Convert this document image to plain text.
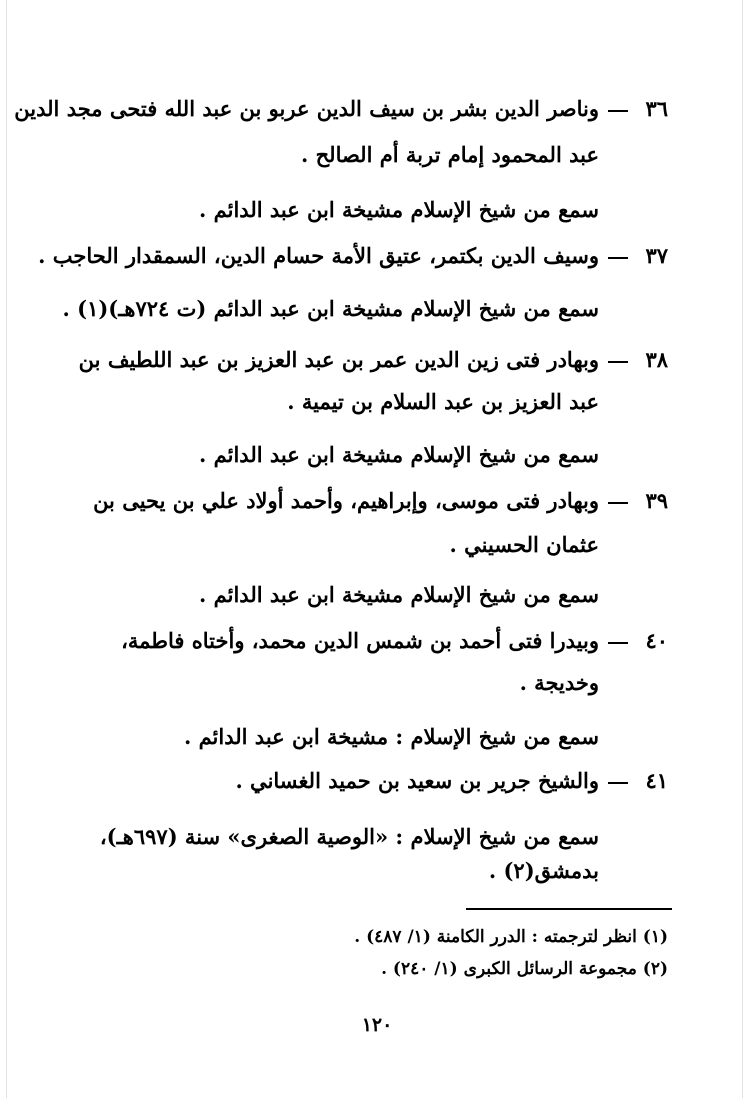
٣٦
وناصر الدين بشر بن سيف الدين عربو بن عبد الله فتحى مجد الدين
عبد المحمود إمام تربة أم الصالح .
سمع من شيخ الإسلام مشيخة ابن عبد الدائم .
٣٧
وسيف الدين بكتمر، عتيق الأمة حسام الدين، السمقدار الحاجب .
سمع من شيخ الإسلام مشيخة ابن عبد الدائم (ت ٧٢٤هـ)(١) .
٣٨
وبهادر فتى زين الدين عمر بن عبد العزيز بن عبد اللطيف بن
عبد العزيز بن عبد السلام بن تيمية .
سمع من شيخ الإسلام مشيخة ابن عبد الدائم .
٣٩
وبهادر فتى موسى، وإبراهيم، وأحمد أولاد علي بن يحيى بن
عثمان الحسيني .
سمع من شيخ الإسلام مشيخة ابن عبد الدائم .
٤٠
وبيدرا فتى أحمد بن شمس الدين محمد، وأختاه فاطمة،
وخديجة .
سمع من شيخ الإسلام : مشيخة ابن عبد الدائم .
٤١
والشيخ جرير بن سعيد بن حميد الغساني .
سمع من شيخ الإسلام : «الوصية الصغرى» سنة (٦٩٧هـ)،
بدمشق(٢) .
(١) انظر لترجمته : الدرر الكامنة (١/ ٤٨٧) .
(٢) مجموعة الرسائل الكبرى (١/ ٢٤٠) .
١٢٠
